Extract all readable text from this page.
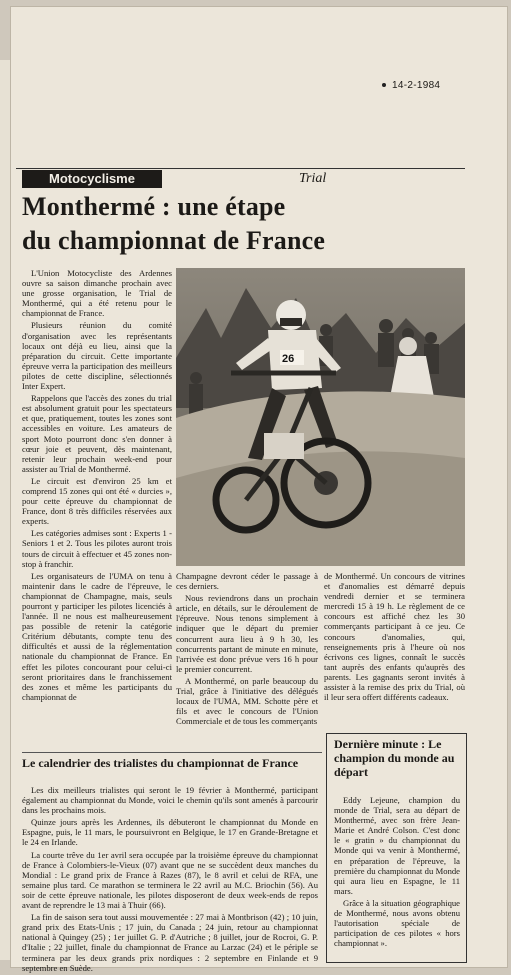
14-2-1984
Motocyclisme	Trial
Monthermé : une étape
du championnat de France

L'Union Motocycliste des Ardennes ouvre sa saison dimanche prochain avec une grosse organisation, le Trial de Monthermé, qui a été retenu pour le championnat de France.

Plusieurs réunion du comité d'organisation avec les représentants locaux ont déjà eu lieu, ainsi que la préparation du circuit. Cette importante épreuve verra la participation des meilleurs pilotes de cette discipline, sélectionnés Inter Expert.

Rappelons que l'accès des zones du trial est absolument gratuit pour les spectateurs et que, pratiquement, toutes les zones sont accessibles en voiture. Les amateurs de sport Moto pourront donc s'en donner à cœur joie et peuvent, dès maintenant, retenir leur prochain week-end pour assister au Trial de Monthermé.

Le circuit est d'environ 25 km et comprend 15 zones qui ont été « durcies », pour cette épreuve du championnat de France, dont 8 très difficiles réservées aux experts.

Les catégories admises sont : Experts 1 - Seniors 1 et 2. Tous les pilotes auront trois tours de circuit à effectuer et 45 zones non-stop à franchir.

Les organisateurs de l'UMA on tenu à maintenir dans le cadre de l'épreuve, le championnat de Champagne, mais, seuls pourront y participer les pilotes licenciés à l'année. Il ne nous est malheureusement pas possible de retenir la catégorie Critérium débutants, compte tenu des difficultés et aussi de la réglementation nationale du championnat de France. En effet les pilotes concourant pour celui-ci seront prioritaires dans le franchissement des zones et même les participants du championnat de

26

Champagne devront céder le passage à ces derniers.

Nous reviendrons dans un prochain article, en détails, sur le déroulement de l'épreuve. Nous tenons simplement à indiquer que le départ du premier concurrent aura lieu à 9 h 30, les concurrents partant de minute en minute, l'arrivée est donc prévue vers 16 h pour le premier concurrent.

A Monthermé, on parle beaucoup du Trial, grâce à l'initiative des délégués locaux de l'UMA, MM. Schotte père et fils et avec le concours de l'Union Commerciale et de tous les commerçants

de Monthermé. Un concours de vitrines et d'anomalies est démarré depuis vendredi dernier et se terminera mercredi 15 à 19 h. Le règlement de ce concours est affiché chez les 30 commerçants participant à ce jeu. Ce concours d'anomalies, qui, renseignements pris à l'heure où nos écrivons ces lignes, connaît le succès tant auprès des enfants qu'auprès des parents. Les gagnants seront invités à assister à la remise des prix du Trial, où il leur sera offert différents cadeaux.

Le calendrier des trialistes du championnat de France

Les dix meilleurs trialistes qui seront le 19 février à Monthermé, participant également au championnat du Monde, voici le chemin qu'ils sont amenés à parcourir dans les prochains mois.

Quinze jours après les Ardennes, ils débuteront le championnat du Monde en Espagne, puis, le 11 mars, le poursuivront en Belgique, le 17 en Grande-Bretagne et le 24 en Irlande.

La courte trêve du 1er avril sera occupée par la troisième épreuve du championnat de France à Colombiers-le-Vieux (07) avant que ne se succèdent deux manches du Mondial : Le grand prix de France à Razes (87), le 8 avril et celui de RFA, une semaine plus tard. Ce marathon se terminera le 22 avril au M.C. Briochin (56). Au soir de cette épreuve nationale, les pilotes disposeront de deux week-ends de repos avant de reprendre le 13 mai à Thuir (66).

La fin de saison sera tout aussi mouvementée : 27 mai à Montbrison (42) ; 10 juin, grand prix des Etats-Unis ; 17 juin, du Canada ; 24 juin, retour au championnat national à Quingey (25) ; 1er juillet G. P. d'Autriche ; 8 juillet, jour de Rocroi, G. P. d'Italie ; 22 juillet, finale du championnat de France au Larzac (24) et le périple se terminera par les deux grands prix nordiques : 2 septembre en Finlande et 9 septembre en Suède.

Dernière minute : Le champion du monde au départ

Eddy Lejeune, champion du monde de Trial, sera au départ de Monthermé, avec son frère Jean-Marie et André Colson. C'est donc le « gratin » du championnat du Monde qui va venir à Monthermé, en préparation de l'épreuve, la première du championnat du Monde qui aura lieu en Espagne, le 11 mars.

Grâce à la situation géographique de Monthermé, nous avons obtenu l'autorisation spéciale de participation de ces pilotes « hors championnat ».
